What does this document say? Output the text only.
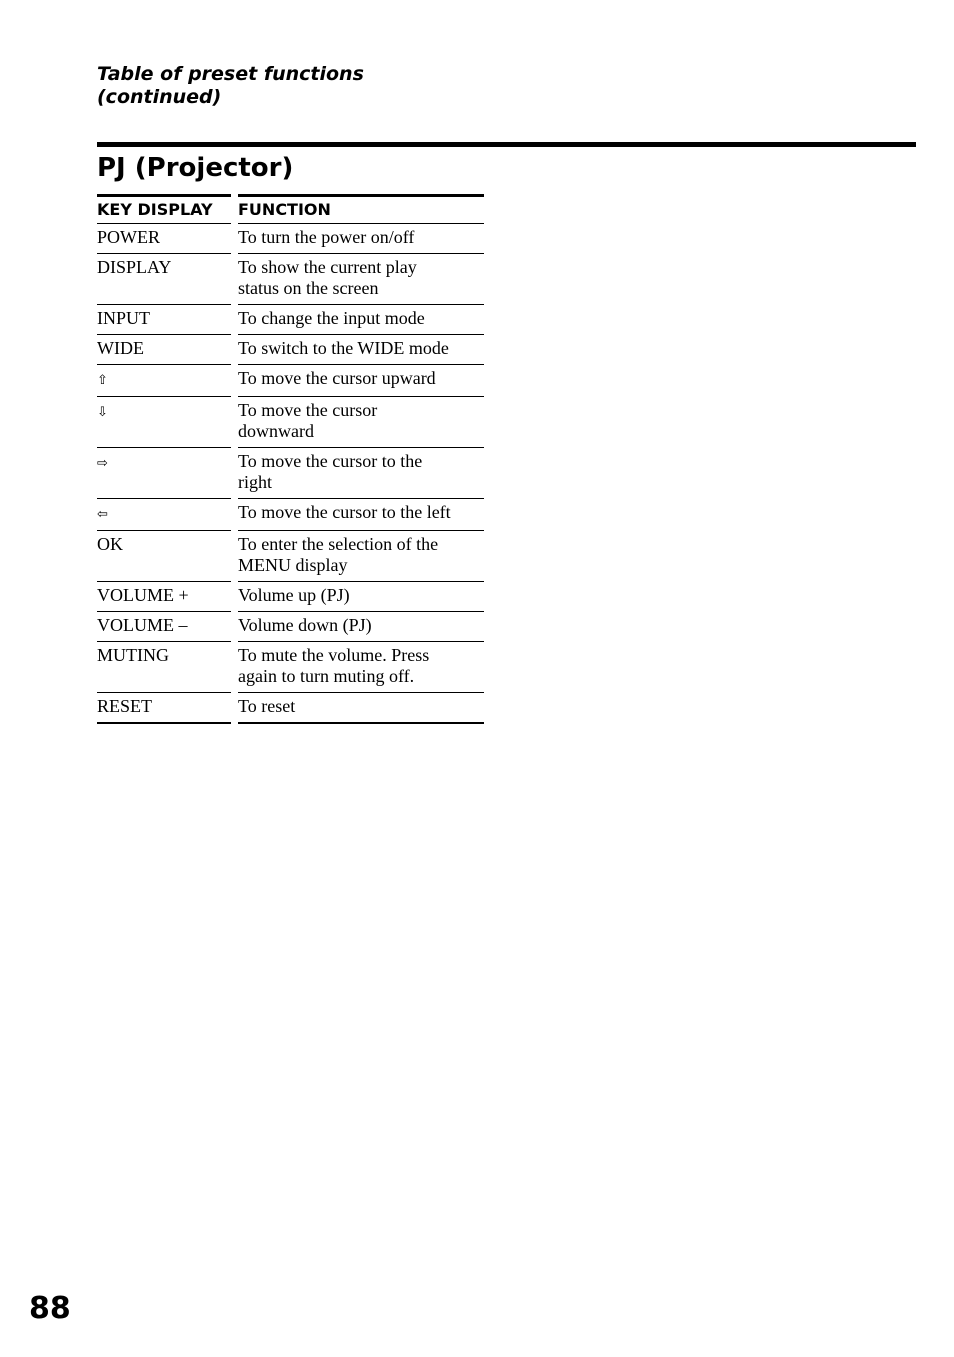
Table of preset functions
(continued)
PJ (Projector)
KEY DISPLAY	FUNCTION
POWER	To turn the power on/off
DISPLAY	To show the current play status on the screen
INPUT	To change the input mode
WIDE	To switch to the WIDE mode
⇧	To move the cursor upward
⇩	To move the cursor downward
⇨	To move the cursor to the right
⇦	To move the cursor to the left
OK	To enter the selection of the MENU display
VOLUME +	Volume up (PJ)
VOLUME –	Volume down (PJ)
MUTING	To mute the volume. Press again to turn muting off.
RESET	To reset
88
